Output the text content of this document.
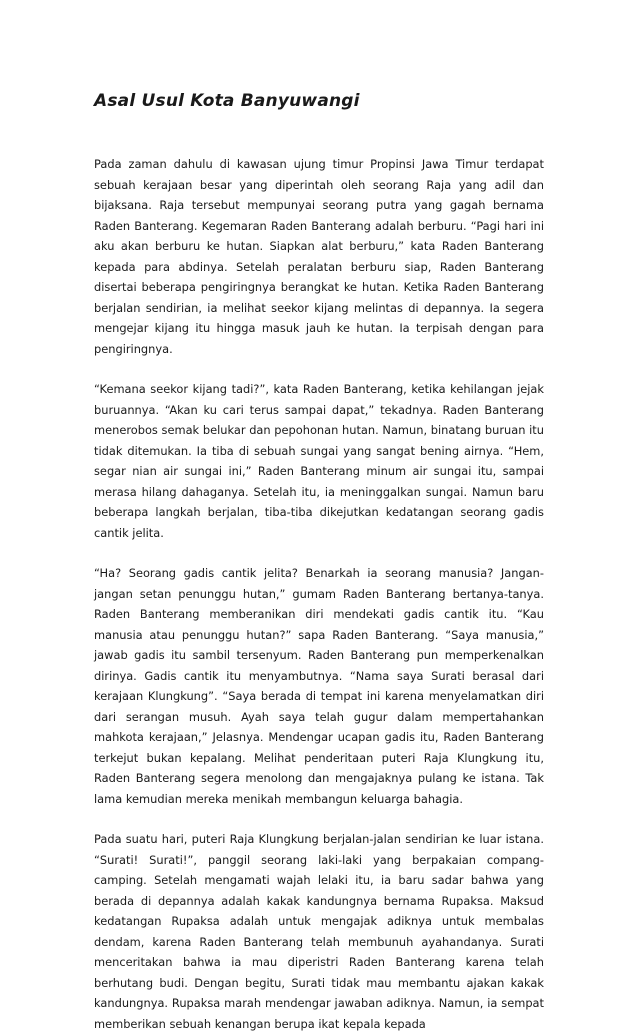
Asal Usul Kota Banyuwangi

Pada zaman dahulu di kawasan ujung timur Propinsi Jawa Timur terdapat sebuah kerajaan besar yang diperintah oleh seorang Raja yang adil dan bijaksana. Raja tersebut mempunyai seorang putra yang gagah bernama Raden Banterang. Kegemaran Raden Banterang adalah berburu. “Pagi hari ini aku akan berburu ke hutan. Siapkan alat berburu,” kata Raden Banterang kepada para abdinya. Setelah peralatan berburu siap, Raden Banterang disertai beberapa pengiringnya berangkat ke hutan. Ketika Raden Banterang berjalan sendirian, ia melihat seekor kijang melintas di depannya. Ia segera mengejar kijang itu hingga masuk jauh ke hutan. Ia terpisah dengan para pengiringnya.

“Kemana seekor kijang tadi?”, kata Raden Banterang, ketika kehilangan jejak buruannya. “Akan ku cari terus sampai dapat,” tekadnya. Raden Banterang menerobos semak belukar dan pepohonan hutan. Namun, binatang buruan itu tidak ditemukan. Ia tiba di sebuah sungai yang sangat bening airnya. “Hem, segar nian air sungai ini,” Raden Banterang minum air sungai itu, sampai merasa hilang dahaganya. Setelah itu, ia meninggalkan sungai. Namun baru beberapa langkah berjalan, tiba-tiba dikejutkan kedatangan seorang gadis cantik jelita.

“Ha? Seorang gadis cantik jelita? Benarkah ia seorang manusia? Jangan-jangan setan penunggu hutan,” gumam Raden Banterang bertanya-tanya. Raden Banterang memberanikan diri mendekati gadis cantik itu. “Kau manusia atau penunggu hutan?” sapa Raden Banterang. “Saya manusia,” jawab gadis itu sambil tersenyum. Raden Banterang pun memperkenalkan dirinya. Gadis cantik itu menyambutnya. “Nama saya Surati berasal dari kerajaan Klungkung”. “Saya berada di tempat ini karena menyelamatkan diri dari serangan musuh. Ayah saya telah gugur dalam mempertahankan mahkota kerajaan,” Jelasnya. Mendengar ucapan gadis itu, Raden Banterang terkejut bukan kepalang. Melihat penderitaan puteri Raja Klungkung itu, Raden Banterang segera menolong dan mengajaknya pulang ke istana. Tak lama kemudian mereka menikah membangun keluarga bahagia.

Pada suatu hari, puteri Raja Klungkung berjalan-jalan sendirian ke luar istana. “Surati! Surati!”, panggil seorang laki-laki yang berpakaian compang-camping. Setelah mengamati wajah lelaki itu, ia baru sadar bahwa yang berada di depannya adalah kakak kandungnya bernama Rupaksa. Maksud kedatangan Rupaksa adalah untuk mengajak adiknya untuk membalas dendam, karena Raden Banterang telah membunuh ayahandanya. Surati menceritakan bahwa ia mau diperistri Raden Banterang karena telah berhutang budi. Dengan begitu, Surati tidak mau membantu ajakan kakak kandungnya. Rupaksa marah mendengar jawaban adiknya. Namun, ia sempat memberikan sebuah kenangan berupa ikat kepala kepada
